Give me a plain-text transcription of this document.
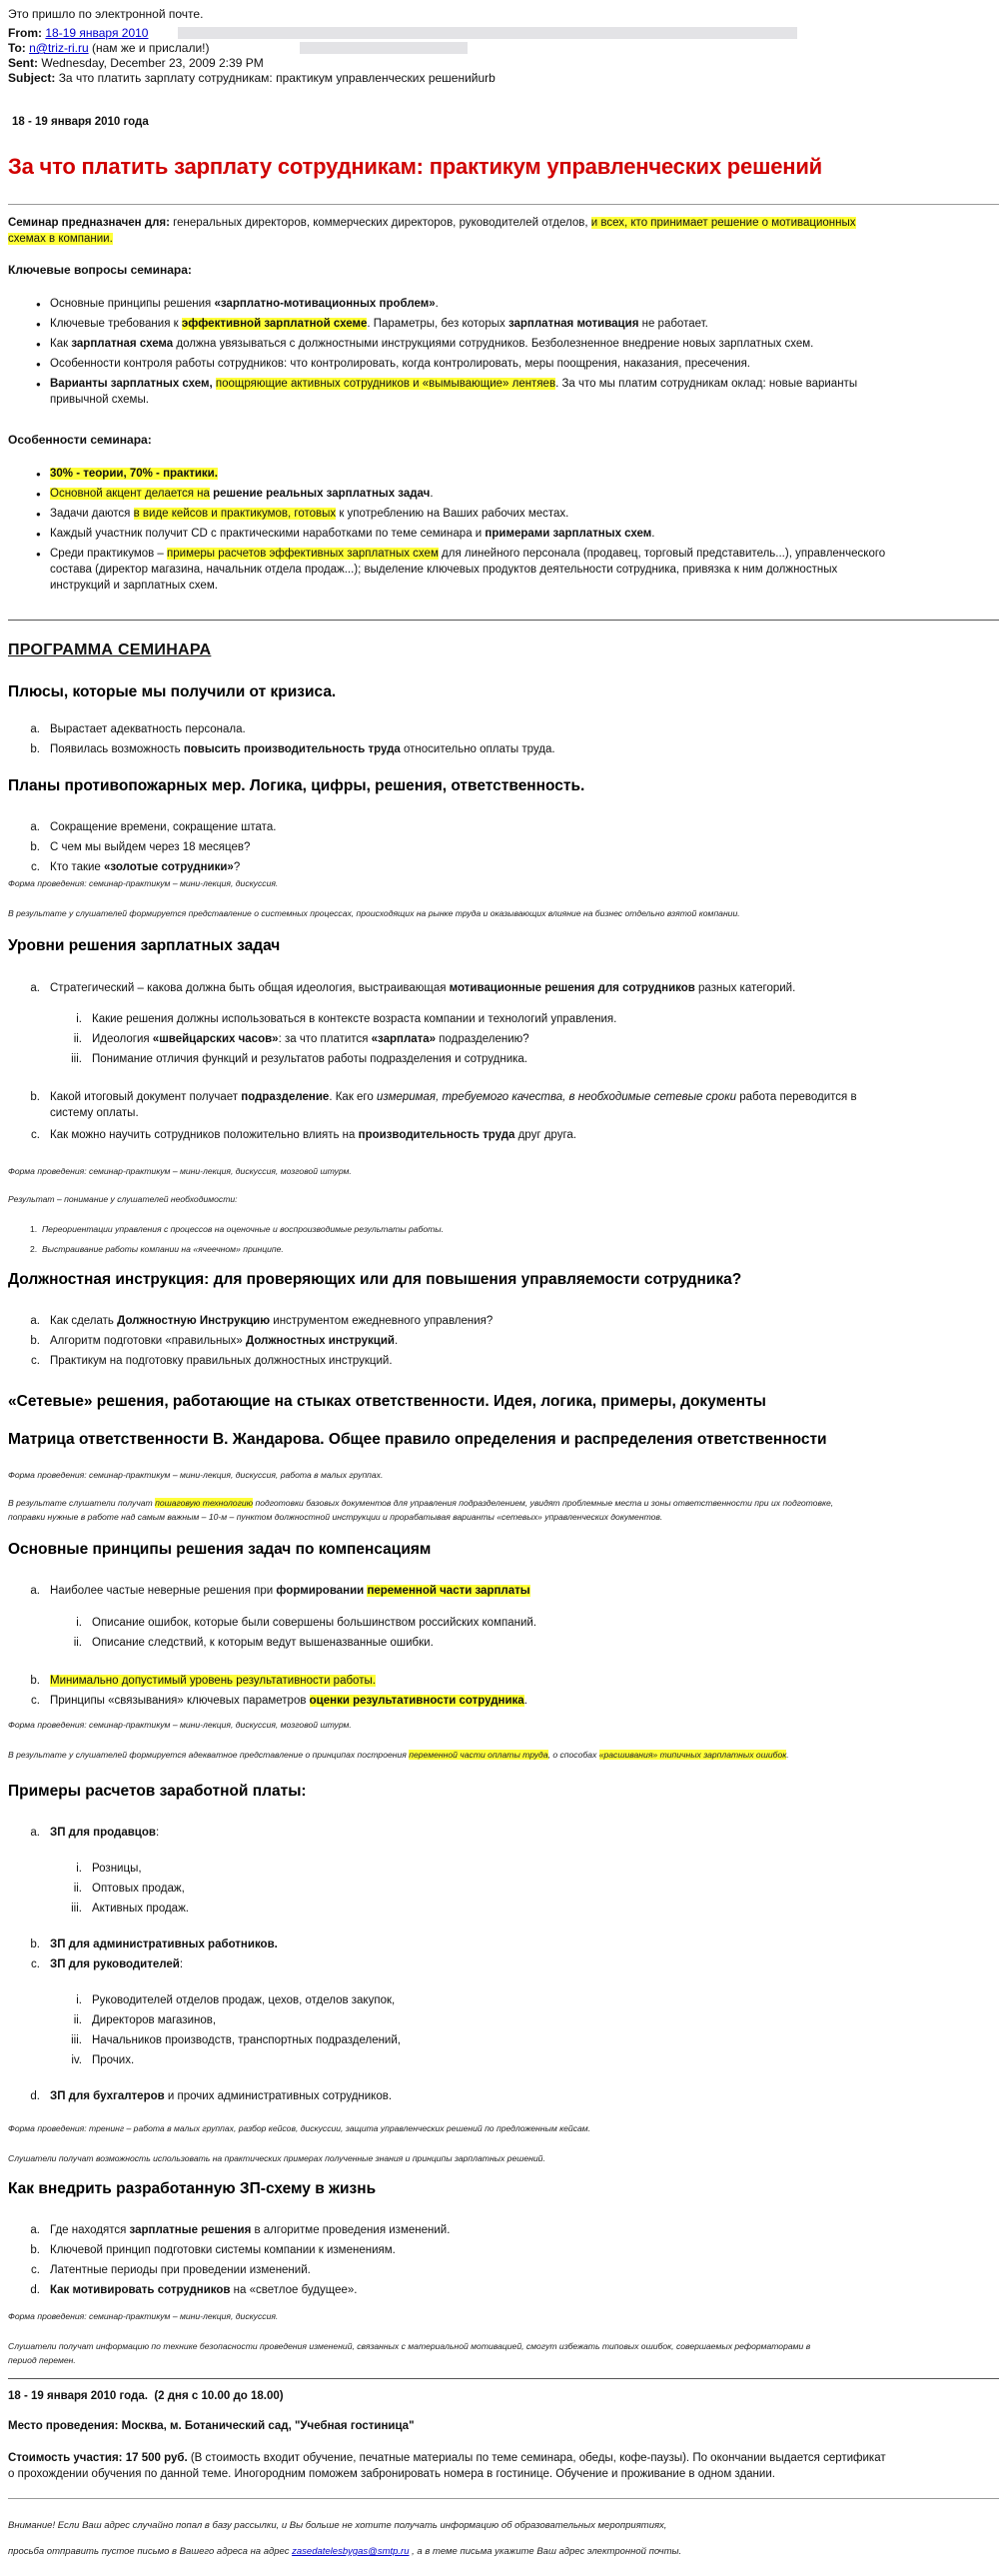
Это пришло по электронной почте.
From: 18-19 января 2010
To: n@triz-ri.ru (нам же и прислали!)
Sent: Wednesday, December 23, 2009 2:39 PM
Subject: За что платить зарплату сотрудникам: практикум управленческих решенийurb
18 - 19 января 2010 года
За что платить зарплату сотрудникам: практикум управленческих решений
Семинар предназначен для: генеральных директоров, коммерческих директоров, руководителей отделов, и всех, кто принимает решение о мотивационных
схемах в компании.
Ключевые вопросы семинара:
● Основные принципы решения «зарплатно-мотивационных проблем».
● Ключевые требования к эффективной зарплатной схеме. Параметры, без которых зарплатная мотивация не работает.
● Как зарплатная схема должна увязываться с должностными инструкциями сотрудников. Безболезненное внедрение новых зарплатных схем.
● Особенности контроля работы сотрудников: что контролировать, когда контролировать, меры поощрения, наказания, пресечения.
● Варианты зарплатных схем, поощряющие активных сотрудников и «вымывающие» лентяев. За что мы платим сотрудникам оклад: новые варианты
привычной схемы.
Особенности семинара:
● 30% - теории, 70% - практики.
● Основной акцент делается на решение реальных зарплатных задач.
● Задачи даются в виде кейсов и практикумов, готовых к употреблению на Ваших рабочих местах.
● Каждый участник получит CD с практическими наработками по теме семинара и примерами зарплатных схем.
● Среди практикумов – примеры расчетов эффективных зарплатных схем для линейного персонала (продавец, торговый представитель...), управленческого
состава (директор магазина, начальник отдела продаж...); выделение ключевых продуктов деятельности сотрудника, привязка к ним должностных
инструкций и зарплатных схем.
ПРОГРАММА СЕМИНАРА
Плюсы, которые мы получили от кризиса.
a. Вырастает адекватность персонала.
b. Появилась возможность повысить производительность труда относительно оплаты труда.
Планы противопожарных мер. Логика, цифры, решения, ответственность.
a. Сокращение времени, сокращение штата.
b. С чем мы выйдем через 18 месяцев?
c. Кто такие «золотые сотрудники»?
Форма проведения: семинар-практикум – мини-лекция, дискуссия.
В результате у слушателей формируется представление о системных процессах, происходящих на рынке труда и оказывающих влияние на бизнес отдельно взятой компании.
Уровни решения зарплатных задач
a. Стратегический – какова должна быть общая идеология, выстраивающая мотивационные решения для сотрудников разных категорий.
i. Какие решения должны использоваться в контексте возраста компании и технологий управления.
ii. Идеология «швейцарских часов»: за что платится «зарплата» подразделению?
iii. Понимание отличия функций и результатов работы подразделения и сотрудника.
b. Какой итоговый документ получает подразделение. Как его измеримая, требуемого качества, в необходимые сетевые сроки работа переводится в
систему оплаты.
c. Как можно научить сотрудников положительно влиять на производительность труда друг друга.
Форма проведения: семинар-практикум – мини-лекция, дискуссия, мозговой штурм.
Результат – понимание у слушателей необходимости:
1.  Переориентации управления с процессов на оценочные и воспроизводимые результаты работы.
2.  Выстраивание работы компании на «ячеечном» принципе.
Должностная инструкция: для проверяющих или для повышения управляемости сотрудника?
a. Как сделать Должностную Инструкцию инструментом ежедневного управления?
b. Алгоритм подготовки «правильных» Должностных инструкций.
c. Практикум на подготовку правильных должностных инструкций.
«Сетевые» решения, работающие на стыках ответственности. Идея, логика, примеры, документы
Матрица ответственности В. Жандарова. Общее правило определения и распределения ответственности
Форма проведения: семинар-практикум – мини-лекция, дискуссия, работа в малых группах.
В результате слушатели получат пошаговую технологию подготовки базовых документов для управления подразделением, увидят проблемные места и зоны ответственности при их подготовке,
поправки нужные в работе над самым важным – 10-м – пунктом должностной инструкции и прорабатывая варианты «сетевых» управленческих документов.
Основные принципы решения задач по компенсациям
a. Наиболее частые неверные решения при формировании переменной части зарплаты
i. Описание ошибок, которые были совершены большинством российских компаний.
ii. Описание следствий, к которым ведут вышеназванные ошибки.
b. Минимально допустимый уровень результативности работы.
c. Принципы «связывания» ключевых параметров оценки результативности сотрудника.
Форма проведения: семинар-практикум – мини-лекция, дискуссия, мозговой штурм.
В результате у слушателей формируется адекватное представление о принципах построения переменной части оплаты труда, о способах «расшивания» типичных зарплатных ошибок.
Примеры расчетов заработной платы:
a. ЗП для продавцов:
i. Розницы,
ii. Оптовых продаж,
iii. Активных продаж.
b. ЗП для административных работников.
c. ЗП для руководителей:
i. Руководителей отделов продаж, цехов, отделов закупок,
ii. Директоров магазинов,
iii. Начальников производств, транспортных подразделений,
iv. Прочих.
d. ЗП для бухгалтеров и прочих административных сотрудников.
Форма проведения: тренинг – работа в малых группах, разбор кейсов, дискуссии, защита управленческих решений по предложенным кейсам.
Слушатели получат возможность использовать на практических примерах полученные знания и принципы зарплатных решений.
Как внедрить разработанную ЗП-схему в жизнь
a. Где находятся зарплатные решения в алгоритме проведения изменений.
b. Ключевой принцип подготовки системы компании к изменениям.
c. Латентные периоды при проведении изменений.
d. Как мотивировать сотрудников на «светлое будущее».
Форма проведения: семинар-практикум – мини-лекция, дискуссия.
Слушатели получат информацию по технике безопасности проведения изменений, связанных с материальной мотивацией, смогут избежать типовых ошибок, совершаемых реформаторами в
период перемен.
18 - 19 января 2010 года. (2 дня с 10.00 до 18.00)
Место проведения: Москва, м. Ботанический сад, "Учебная гостиница"
Стоимость участия: 17 500 руб. (В стоимость входит обучение, печатные материалы по теме семинара, обеды, кофе-паузы). По окончании выдается сертификат
о прохождении обучения по данной теме. Иногородним поможем забронировать номера в гостинице. Обучение и проживание в одном здании.
Внимание! Если Ваш адрес случайно попал в базу рассылки, и Вы больше не хотите получать информацию об образовательных мероприятиях,
просьба отправить пустое письмо в Вашего адреса на адрес zasedatelesbygas@smtp.ru , а в теме письма укажите Ваш адрес электронной почты.
